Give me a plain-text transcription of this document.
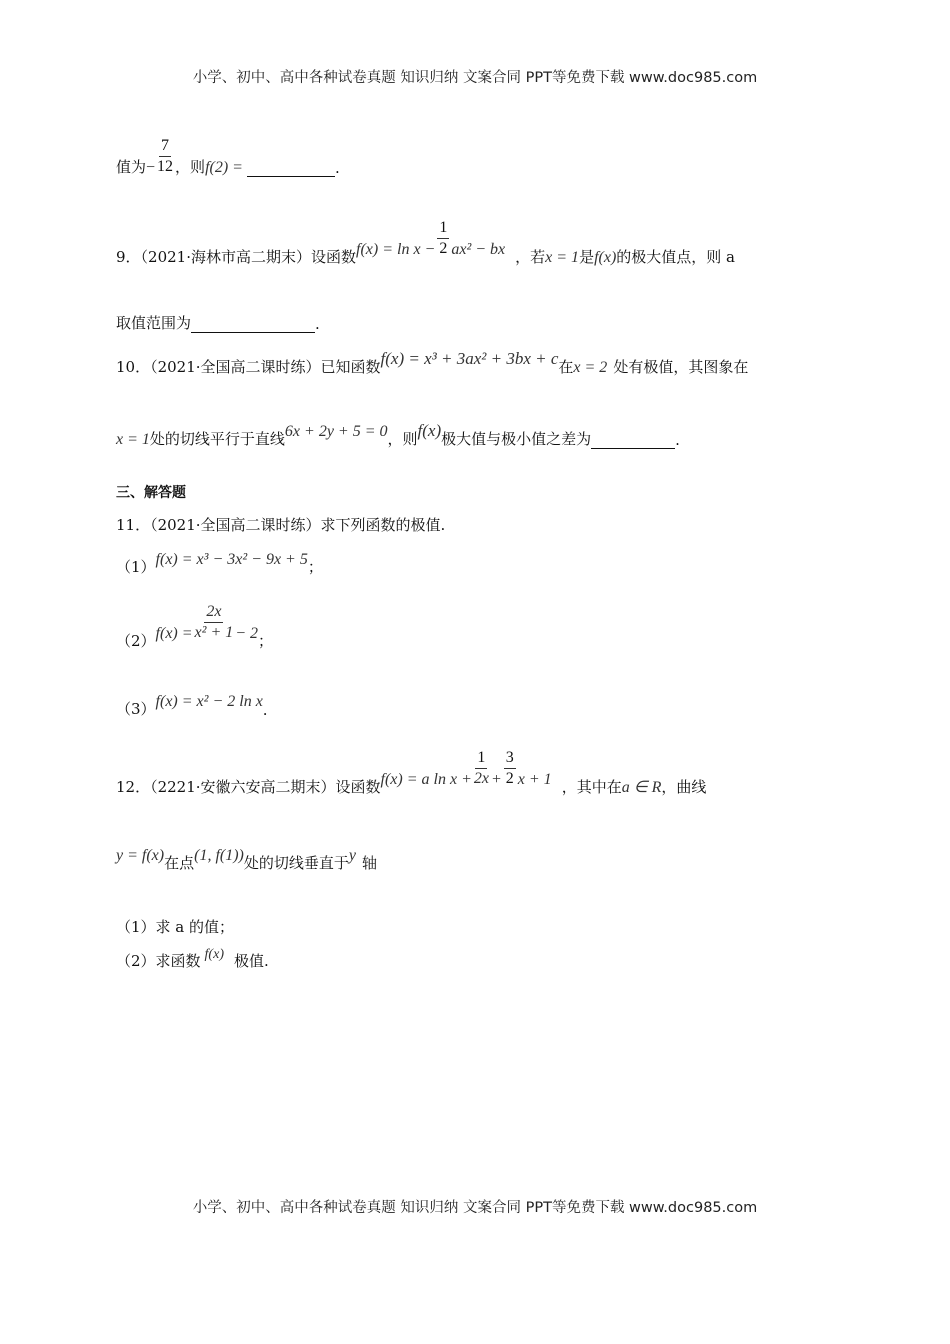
小学、初中、高中各种试卷真题 知识归纳 文案合同 PPT等免费下载 www.doc985.com
值为 − $\frac{7}{12}$ ，则 f(2) =	.
9．（2021·海林市高二期末）设函数 $f(x) = \ln x - \frac{1}{2} ax^2$ − bx ，若 x = 1 是 f(x) 的极大值点，则 a
取值范围为	.
10．（2021·全国高二课时练）已知函数 f(x) = x³ + 3ax² + 3bx + c 在 x = 2 处有极值，其图象在
x = 1 处的切线平行于直线 6x + 2y + 5 = 0 ，则 f(x) 极大值与极小值之差为	.
三、解答题
11．（2021·全国高二课时练）求下列函数的极值.
（1） f(x) = x³ − 3x² − 9x + 5 ；
（2） $f(x) = \frac{2x}{\text{x² + 1}} - 2$ ；
（3） f(x) = x² − 2 ln x .
12．（2221·安徽六安高二期末）设函数 f(x) = a $\ln x + \frac{1}{2x} + \frac{3}{2}$ x + 1 ，其中在 a ∈ R ，曲线
y = f(x) 在点 (1, f(1)) 处的切线垂直于 y 轴
（1）求 a 的值；
（2）求函数 f(x) 极值.
小学、初中、高中各种试卷真题 知识归纳 文案合同 PPT等免费下载 www.doc985.com
